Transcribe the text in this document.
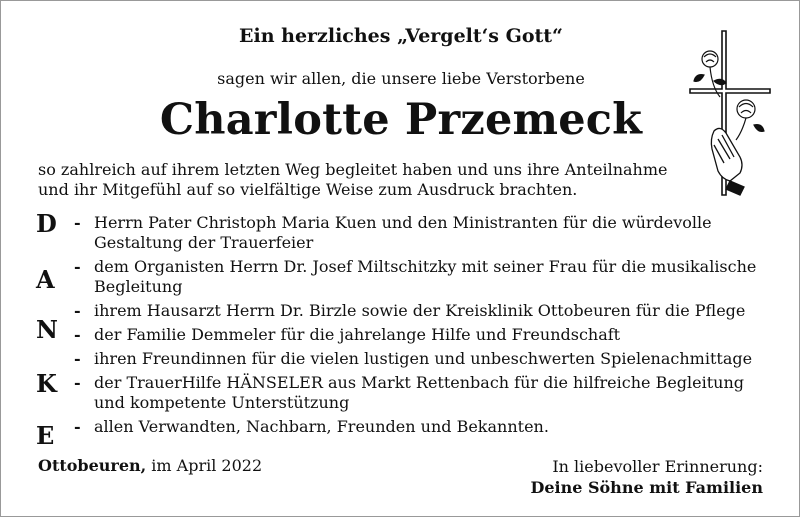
Ein herzliches „Vergelt‘s Gott“
sagen wir allen, die unsere liebe Verstorbene
Charlotte Przemeck
so zahlreich auf ihrem letzten Weg begleitet haben und uns ihre Anteilnahme und ihr Mitgefühl auf so vielfältige Weise zum Ausdruck brachten.
D
A
N
K
E
- Herrn Pater Christoph Maria Kuen und den Ministranten für die würdevolle Gestaltung der Trauerfeier
- dem Organisten Herrn Dr. Josef Miltschitzky mit seiner Frau für die musikalische Begleitung
- ihrem Hausarzt Herrn Dr. Birzle sowie der Kreisklinik Ottobeuren für die Pflege
- der Familie Demmeler für die jahrelange Hilfe und Freundschaft
- ihren Freundinnen für die vielen lustigen und unbeschwerten Spielenachmittage
- der TrauerHilfe HÄNSELER aus Markt Rettenbach für die hilfreiche Begleitung und kompetente Unterstützung
- allen Verwandten, Nachbarn, Freunden und Bekannten.
Ottobeuren, im April 2022	In liebevoller Erinnerung:
Deine Söhne mit Familien
